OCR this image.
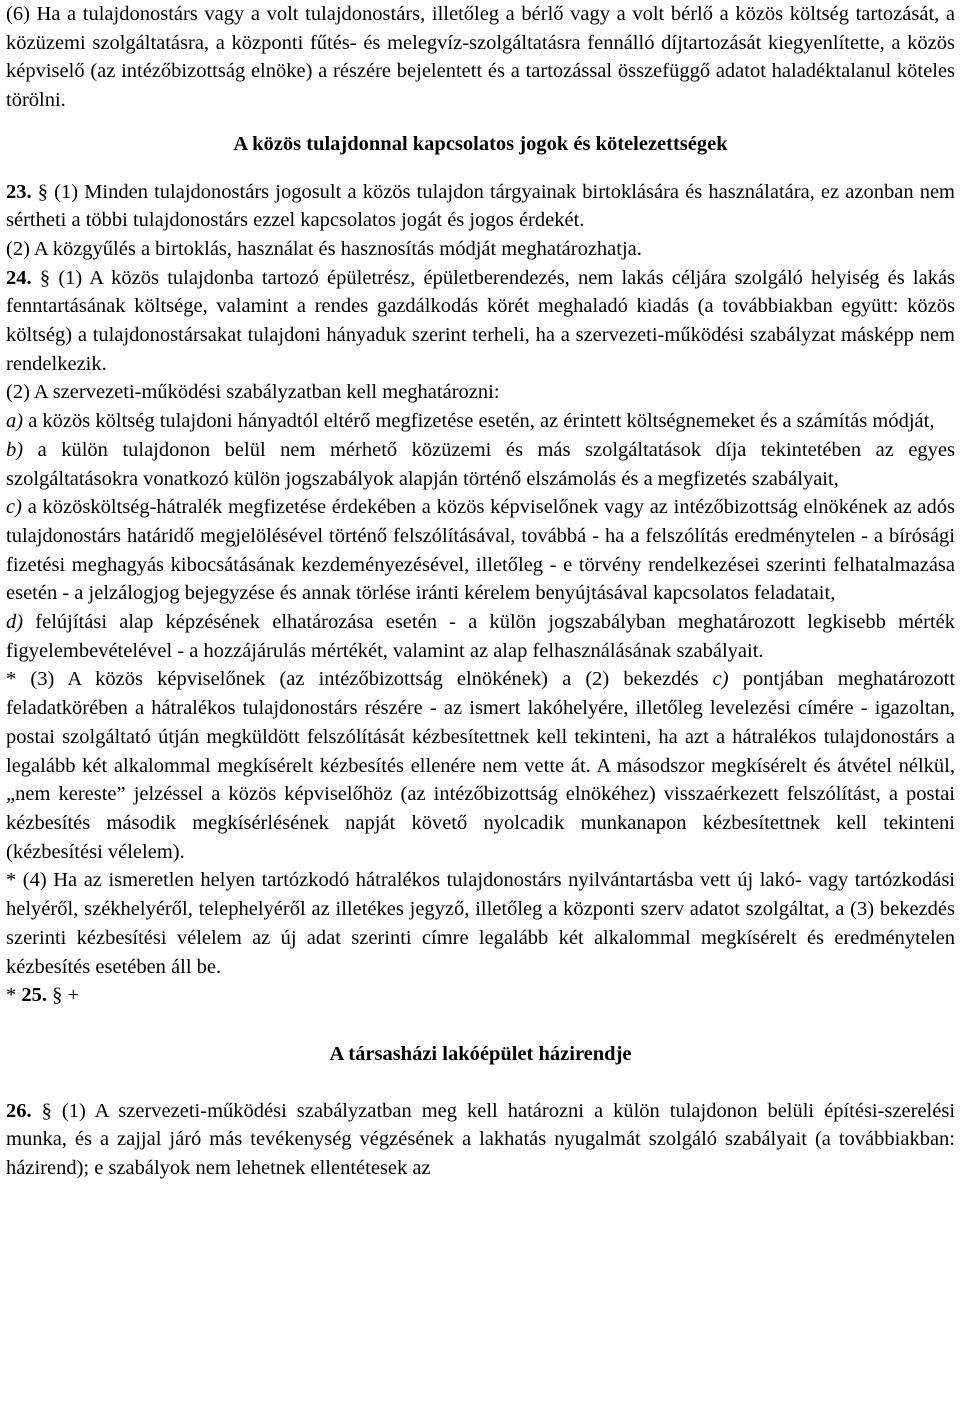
(6) Ha a tulajdonostárs vagy a volt tulajdonostárs, illetőleg a bérlő vagy a volt bérlő a közös költség tartozását, a közüzemi szolgáltatásra, a központi fűtés- és melegvíz-szolgáltatásra fennálló díjtartozását kiegyenlítette, a közös képviselő (az intézőbizottság elnöke) a részére bejelentett és a tartozással összefüggő adatot haladéktalanul köteles törölni.

A közös tulajdonnal kapcsolatos jogok és kötelezettségek

23. § (1) Minden tulajdonostárs jogosult a közös tulajdon tárgyainak birtoklására és használatára, ez azonban nem sértheti a többi tulajdonostárs ezzel kapcsolatos jogát és jogos érdekét.

(2) A közgyűlés a birtoklás, használat és hasznosítás módját meghatározhatja.

24. § (1) A közös tulajdonba tartozó épületrész, épületberendezés, nem lakás céljára szolgáló helyiség és lakás fenntartásának költsége, valamint a rendes gazdálkodás körét meghaladó kiadás (a továbbiakban együtt: közös költség) a tulajdonostársakat tulajdoni hányaduk szerint terheli, ha a szervezeti-működési szabályzat másképp nem rendelkezik.

(2) A szervezeti-működési szabályzatban kell meghatározni:

a) a közös költség tulajdoni hányadtól eltérő megfizetése esetén, az érintett költségnemeket és a számítás módját,

b) a külön tulajdonon belül nem mérhető közüzemi és más szolgáltatások díja tekintetében az egyes szolgáltatásokra vonatkozó külön jogszabályok alapján történő elszámolás és a megfizetés szabályait,

c) a közösköltség-hátralék megfizetése érdekében a közös képviselőnek vagy az intézőbizottság elnökének az adós tulajdonostárs határidő megjelölésével történő felszólításával, továbbá - ha a felszólítás eredménytelen - a bírósági fizetési meghagyás kibocsátásának kezdeményezésével, illetőleg - e törvény rendelkezései szerinti felhatalmazása esetén - a jelzálogjog bejegyzése és annak törlése iránti kérelem benyújtásával kapcsolatos feladatait,

d) felújítási alap képzésének elhatározása esetén - a külön jogszabályban meghatározott legkisebb mérték figyelembevételével - a hozzájárulás mértékét, valamint az alap felhasználásának szabályait.

* (3) A közös képviselőnek (az intézőbizottság elnökének) a (2) bekezdés c) pontjában meghatározott feladatkörében a hátralékos tulajdonostárs részére - az ismert lakóhelyére, illetőleg levelezési címére - igazoltan, postai szolgáltató útján megküldött felszólítását kézbesítettnek kell tekinteni, ha azt a hátralékos tulajdonostárs a legalább két alkalommal megkísérelt kézbesítés ellenére nem vette át. A másodszor megkísérelt és átvétel nélkül, „nem kereste” jelzéssel a közös képviselőhöz (az intézőbizottság elnökéhez) visszaérkezett felszólítást, a postai kézbesítés második megkísérlésének napját követő nyolcadik munkanapon kézbesítettnek kell tekinteni (kézbesítési vélelem).

* (4) Ha az ismeretlen helyen tartózkodó hátralékos tulajdonostárs nyilvántartásba vett új lakó- vagy tartózkodási helyéről, székhelyéről, telephelyéről az illetékes jegyző, illetőleg a központi szerv adatot szolgáltat, a (3) bekezdés szerinti kézbesítési vélelem az új adat szerinti címre legalább két alkalommal megkísérelt és eredménytelen kézbesítés esetében áll be.

* 25. § +

A társasházi lakóépület házirendje

26. § (1) A szervezeti-működési szabályzatban meg kell határozni a külön tulajdonon belüli építési-szerelési munka, és a zajjal járó más tevékenység végzésének a lakhatás nyugalmát szolgáló szabályait (a továbbiakban: házirend); e szabályok nem lehetnek ellentétesek az
